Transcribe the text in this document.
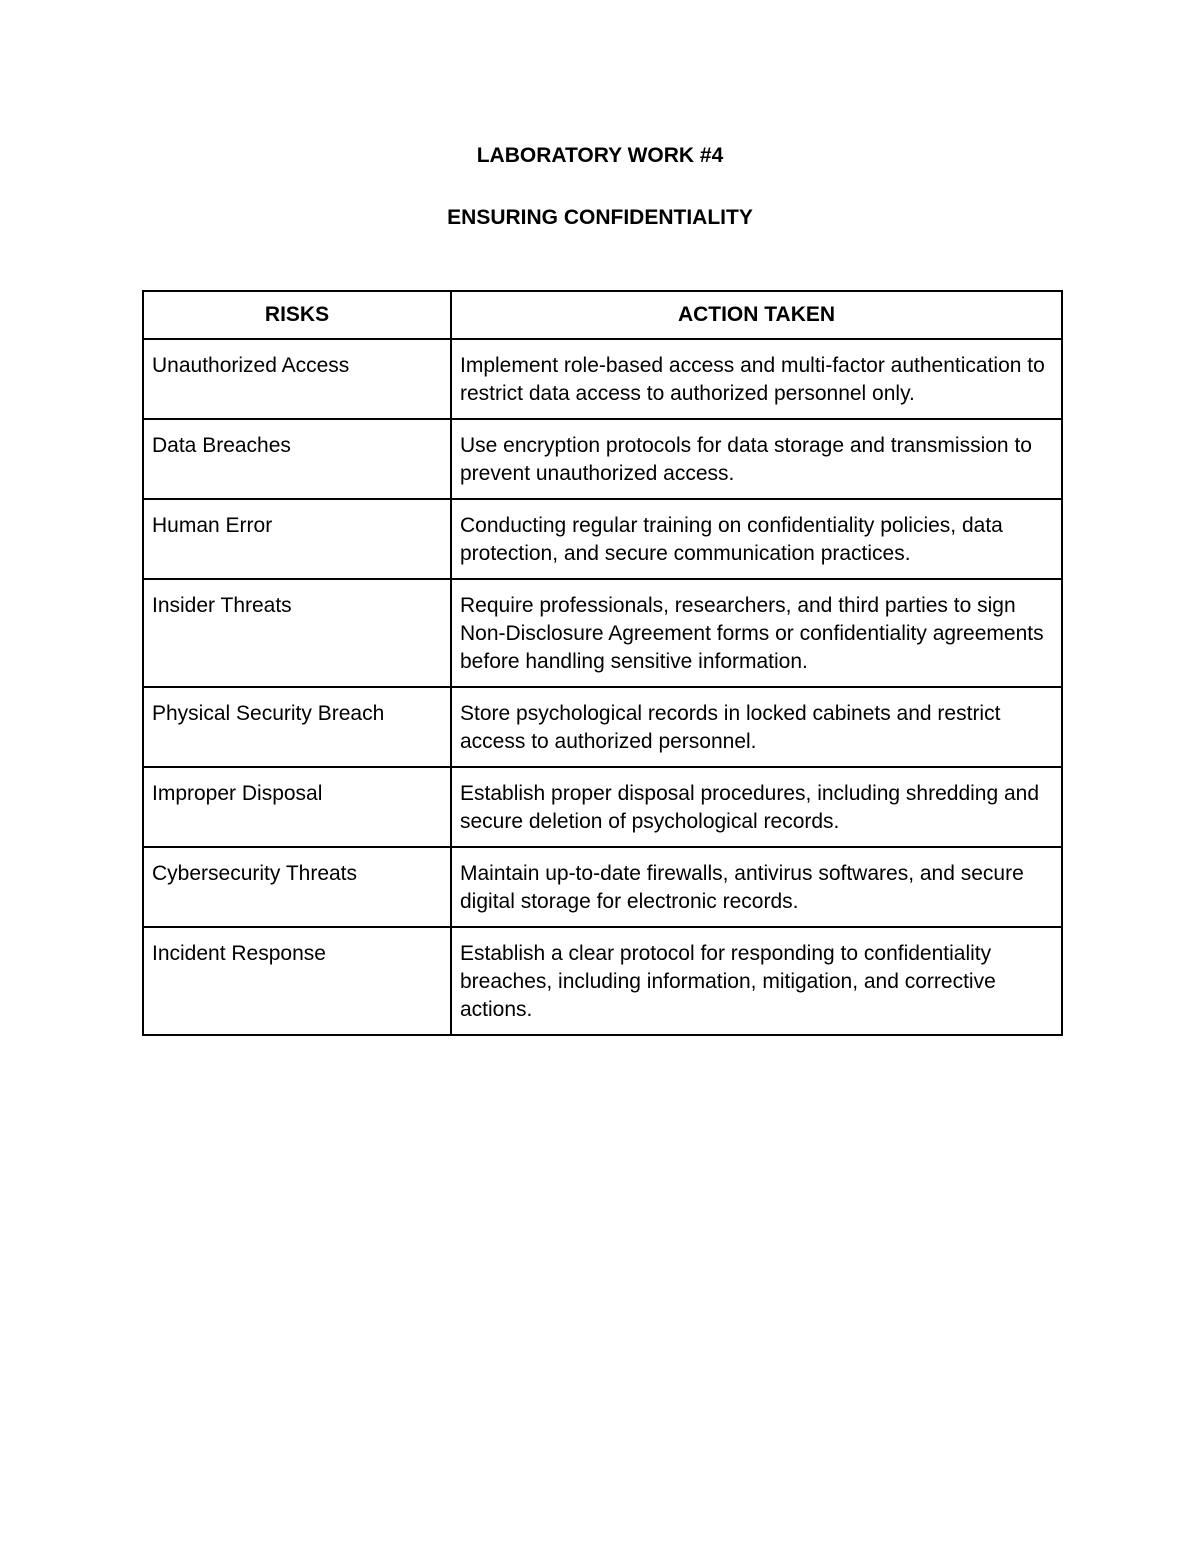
LABORATORY WORK #4
ENSURING CONFIDENTIALITY
RISKS	ACTION TAKEN
Unauthorized Access	Implement role-based access and multi-factor authentication to restrict data access to authorized personnel only.
Data Breaches	Use encryption protocols for data storage and transmission to prevent unauthorized access.
Human Error	Conducting regular training on confidentiality policies, data protection, and secure communication practices.
Insider Threats	Require professionals, researchers, and third parties to sign Non-Disclosure Agreement forms or confidentiality agreements before handling sensitive information.
Physical Security Breach	Store psychological records in locked cabinets and restrict access to authorized personnel.
Improper Disposal	Establish proper disposal procedures, including shredding and secure deletion of psychological records.
Cybersecurity Threats	Maintain up-to-date firewalls, antivirus softwares, and secure digital storage for electronic records.
Incident Response	Establish a clear protocol for responding to confidentiality breaches, including information, mitigation, and corrective actions.
